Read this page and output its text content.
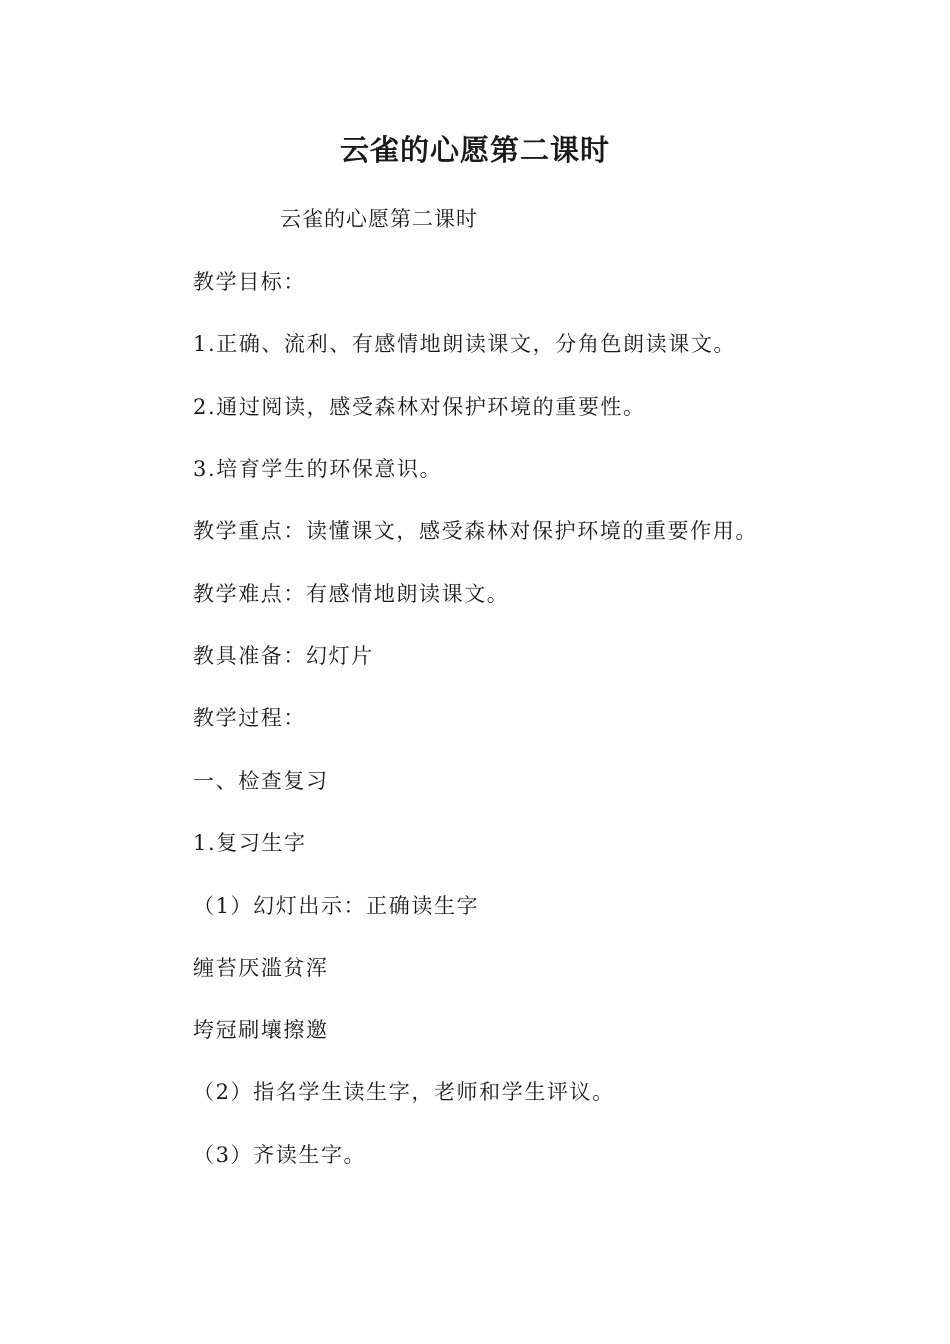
云雀的心愿第二课时
云雀的心愿第二课时
教学目标：
1.正确、流利、有感情地朗读课文，分角色朗读课文。
2.通过阅读，感受森林对保护环境的重要性。
3.培育学生的环保意识。
教学重点：读懂课文，感受森林对保护环境的重要作用。
教学难点：有感情地朗读课文。
教具准备：幻灯片
教学过程：
一、检查复习
1.复习生字
（1）幻灯出示：正确读生字
缠苔厌滥贫浑
垮冠刷壤擦邀
（2）指名学生读生字，老师和学生评议。
（3）齐读生字。
